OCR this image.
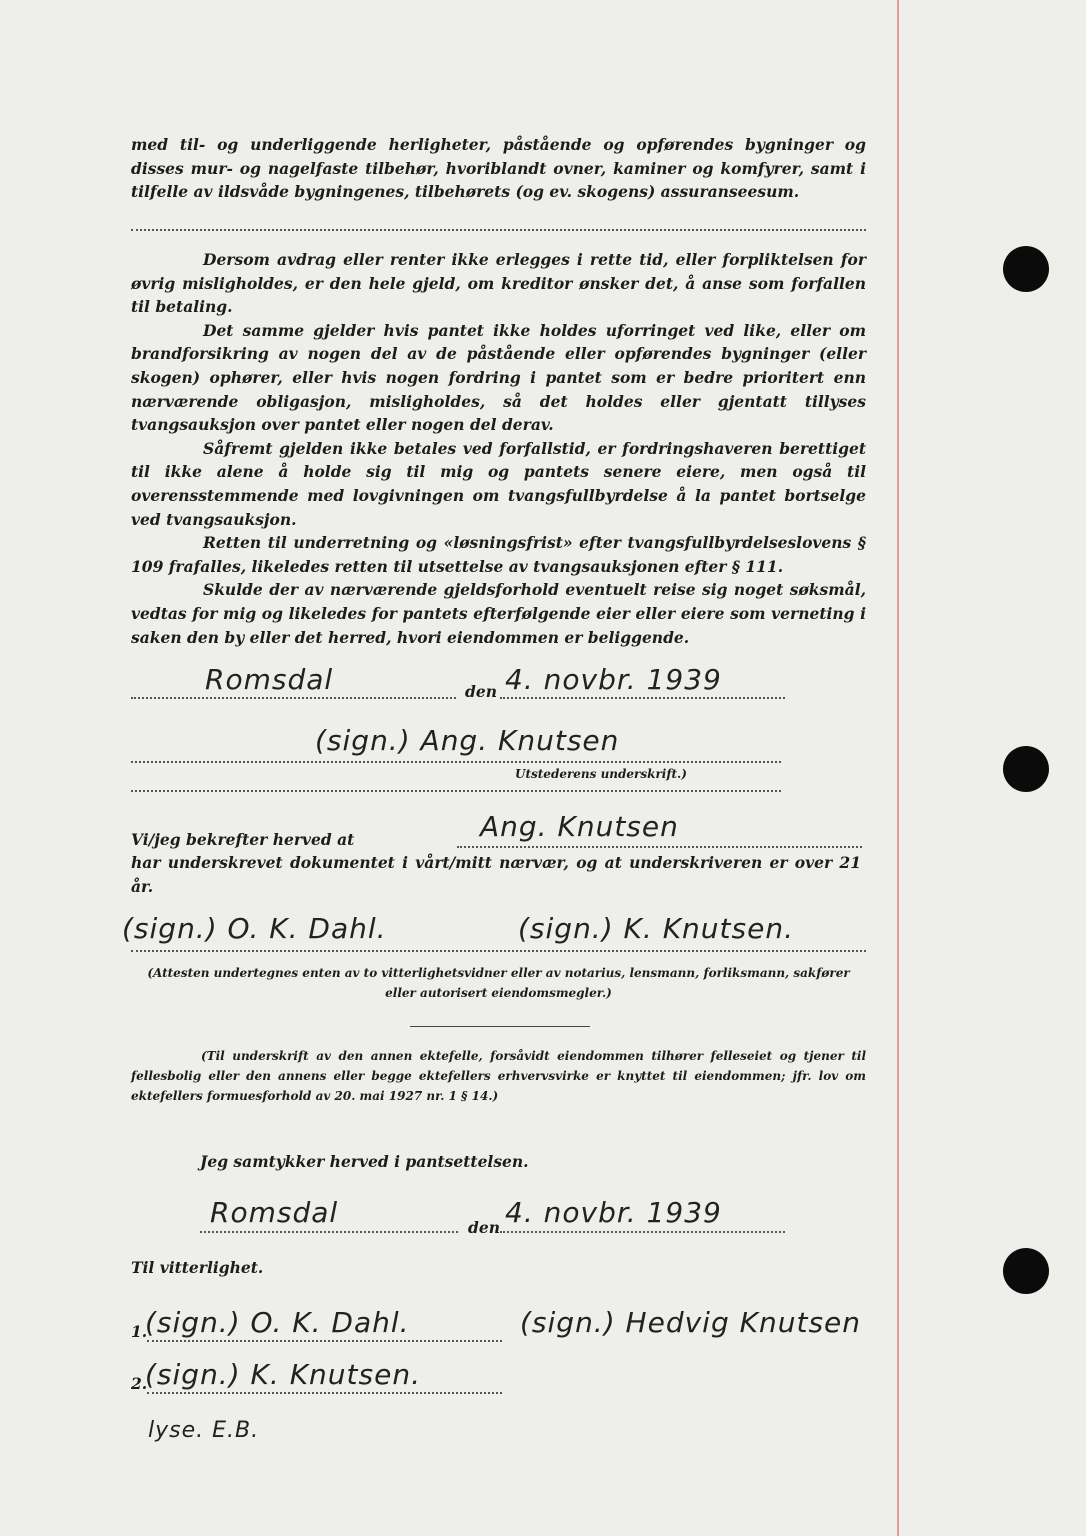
med til- og underliggende herligheter, påstående og opførendes bygninger og disses mur- og nagelfaste tilbehør, hvoriblandt ovner, kaminer og komfyrer, samt i tilfelle av ildsvåde bygningenes, tilbehørets (og ev. skogens) assuranseesum.

Dersom avdrag eller renter ikke erlegges i rette tid, eller forpliktelsen for øvrig misligholdes, er den hele gjeld, om kreditor ønsker det, å anse som forfallen til betaling.
Det samme gjelder hvis pantet ikke holdes uforringet ved like, eller om brandforsikring av nogen del av de påstående eller opførendes bygninger (eller skogen) ophører, eller hvis nogen fordring i pantet som er bedre prioritert enn nærværende obligasjon, misligholdes, så det holdes eller gjentatt tillyses tvangsauksjon over pantet eller nogen del derav.
Såfremt gjelden ikke betales ved forfallstid, er fordringshaveren berettiget til ikke alene å holde sig til mig og pantets senere eiere, men også til overensstemmende med lovgivningen om tvangsfullbyrdelse å la pantet bortselge ved tvangsauksjon.
Retten til underretning og «løsningsfrist» efter tvangsfullbyrdelseslovens § 109 frafalles, likeledes retten til utsettelse av tvangsauksjonen efter § 111.
Skulde der av nærværende gjeldsforhold eventuelt reise sig noget søksmål, vedtas for mig og likeledes for pantets efterfølgende eier eller eiere som verneting i saken den by eller det herred, hvori eiendommen er beliggende.

Romsdal	den 4. novbr. 1939
(sign.) Ang. Knutsen
Utstederens underskrift.)
Vi/jeg bekrefter herved at	Ang. Knutsen

har underskrevet dokumentet i vårt/mitt nærvær, og at underskriveren er over 21 år.

(sign.) O. K. Dahl.	(sign.) K. Knutsen.

(Attesten undertegnes enten av to vitterlighetsvidner eller av notarius, lensmann, forliksmann, sakfører eller autorisert eiendomsmegler.)

(Til underskrift av den annen ektefelle, forsåvidt eiendommen tilhører felleseiet og tjener til fellesbolig eller den annens eller begge ektefellers erhvervsvirke er knyttet til eiendommen; jfr. lov om ektefellers formuesforhold av 20. mai 1927 nr. 1 § 14.)

Jeg samtykker herved i pantsettelsen.
Romsdal	den 4. novbr. 1939
Til vitterlighet.
1.
(sign.) O. K. Dahl.	(sign.) Hedvig Knutsen
2.
(sign.) K. Knutsen.
lyse. E.B.
